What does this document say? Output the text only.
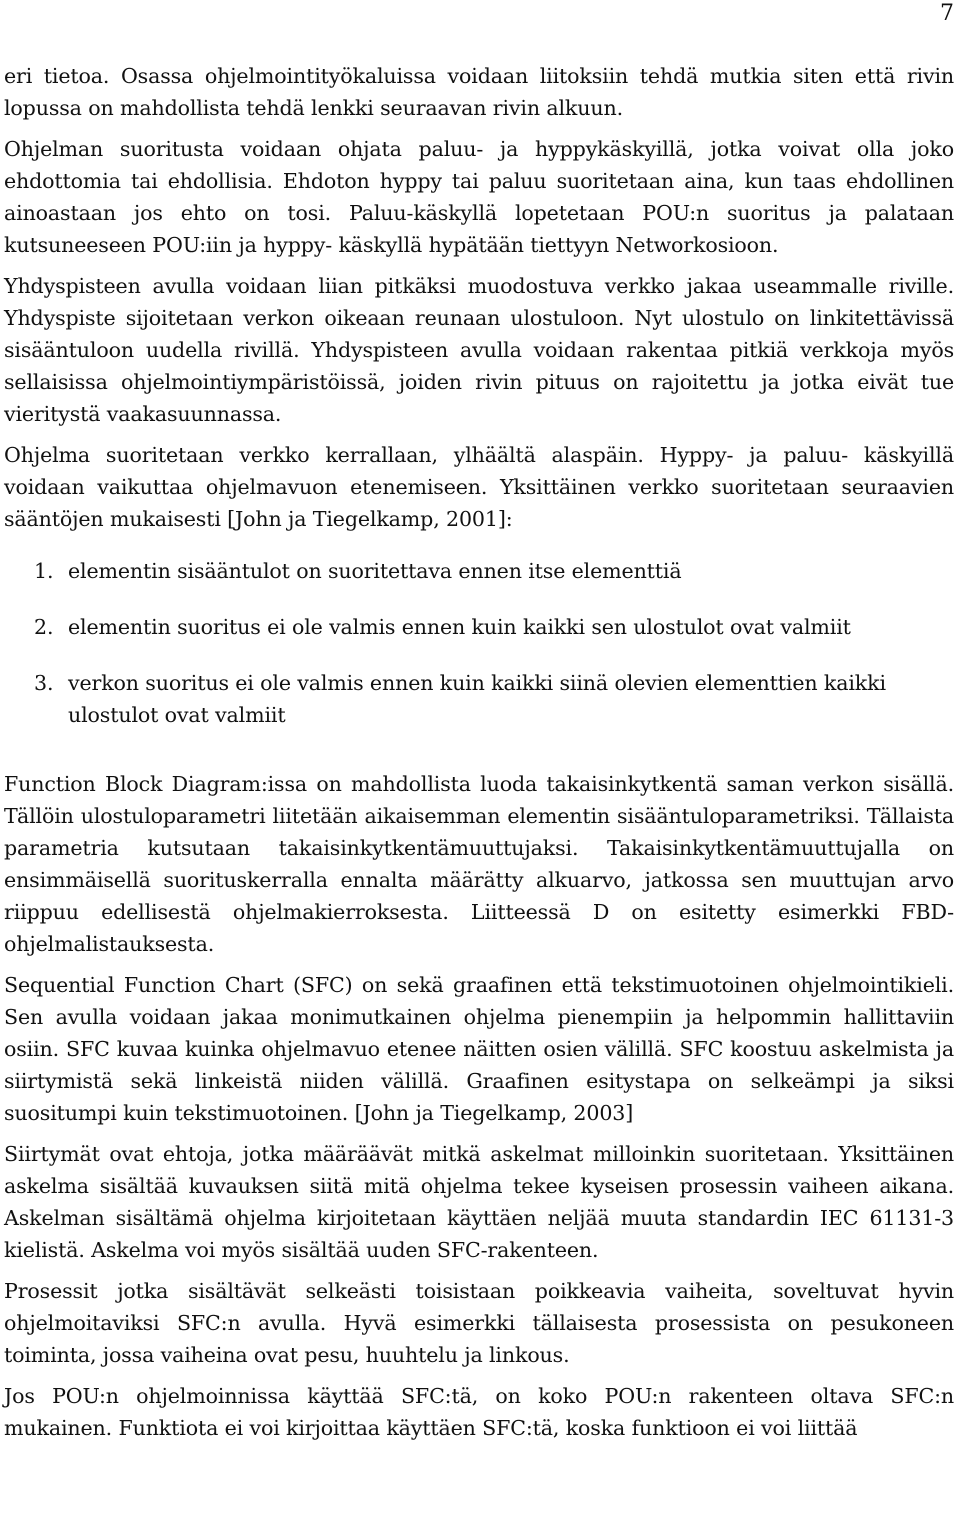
7

eri tietoa. Osassa ohjelmointityökaluissa voidaan liitoksiin tehdä mutkia siten että rivin lopussa on mahdollista tehdä lenkki seuraavan rivin alkuun.

Ohjelman suoritusta voidaan ohjata paluu- ja hyppykäskyillä, jotka voivat olla joko ehdottomia tai ehdollisia. Ehdoton hyppy tai paluu suoritetaan aina, kun taas ehdollinen ainoastaan jos ehto on tosi. Paluu-käskyllä lopetetaan POU:n suoritus ja palataan kutsuneeseen POU:iin ja hyppy- käskyllä hypätään tiettyyn Networkosioon.

Yhdyspisteen avulla voidaan liian pitkäksi muodostuva verkko jakaa useammalle riville. Yhdyspiste sijoitetaan verkon oikeaan reunaan ulostuloon. Nyt ulostulo on linkitettävissä sisääntuloon uudella rivillä. Yhdyspisteen avulla voidaan rakentaa pitkiä verkkoja myös sellaisissa ohjelmointiympäristöissä, joiden rivin pituus on rajoitettu ja jotka eivät tue vieritystä vaakasuunnassa.

Ohjelma suoritetaan verkko kerrallaan, ylhäältä alaspäin. Hyppy- ja paluu- käskyillä voidaan vaikuttaa ohjelmavuon etenemiseen. Yksittäinen verkko suoritetaan seuraavien sääntöjen mukaisesti [John ja Tiegelkamp, 2001]:

1. elementin sisääntulot on suoritettava ennen itse elementtiä
2. elementin suoritus ei ole valmis ennen kuin kaikki sen ulostulot ovat valmiit
3. verkon suoritus ei ole valmis ennen kuin kaikki siinä olevien elementtien kaikki ulostulot ovat valmiit

Function Block Diagram:issa on mahdollista luoda takaisinkytkentä saman verkon sisällä. Tällöin ulostuloparametri liitetään aikaisemman elementin sisääntuloparametriksi. Tällaista parametria kutsutaan takaisinkytkentämuuttujaksi. Takaisinkytkentämuuttujalla on ensimmäisellä suorituskerralla ennalta määrätty alkuarvo, jatkossa sen muuttujan arvo riippuu edellisestä ohjelmakierroksesta. Liitteessä D on esitetty esimerkki FBD-ohjelmalistauksesta.

Sequential Function Chart (SFC) on sekä graafinen että tekstimuotoinen ohjelmointikieli. Sen avulla voidaan jakaa monimutkainen ohjelma pienempiin ja helpommin hallittaviin osiin. SFC kuvaa kuinka ohjelmavuo etenee näitten osien välillä. SFC koostuu askelmista ja siirtymistä sekä linkeistä niiden välillä. Graafinen esitystapa on selkeämpi ja siksi suositumpi kuin tekstimuotoinen. [John ja Tiegelkamp, 2003]

Siirtymät ovat ehtoja, jotka määräävät mitkä askelmat milloinkin suoritetaan. Yksittäinen askelma sisältää kuvauksen siitä mitä ohjelma tekee kyseisen prosessin vaiheen aikana. Askelman sisältämä ohjelma kirjoitetaan käyttäen neljää muuta standardin IEC 61131-3 kielistä. Askelma voi myös sisältää uuden SFC-rakenteen.

Prosessit jotka sisältävät selkeästi toisistaan poikkeavia vaiheita, soveltuvat hyvin ohjelmoitaviksi SFC:n avulla. Hyvä esimerkki tällaisesta prosessista on pesukoneen toiminta, jossa vaiheina ovat pesu, huuhtelu ja linkous.

Jos POU:n ohjelmoinnissa käyttää SFC:tä, on koko POU:n rakenteen oltava SFC:n mukainen. Funktiota ei voi kirjoittaa käyttäen SFC:tä, koska funktioon ei voi liittää
